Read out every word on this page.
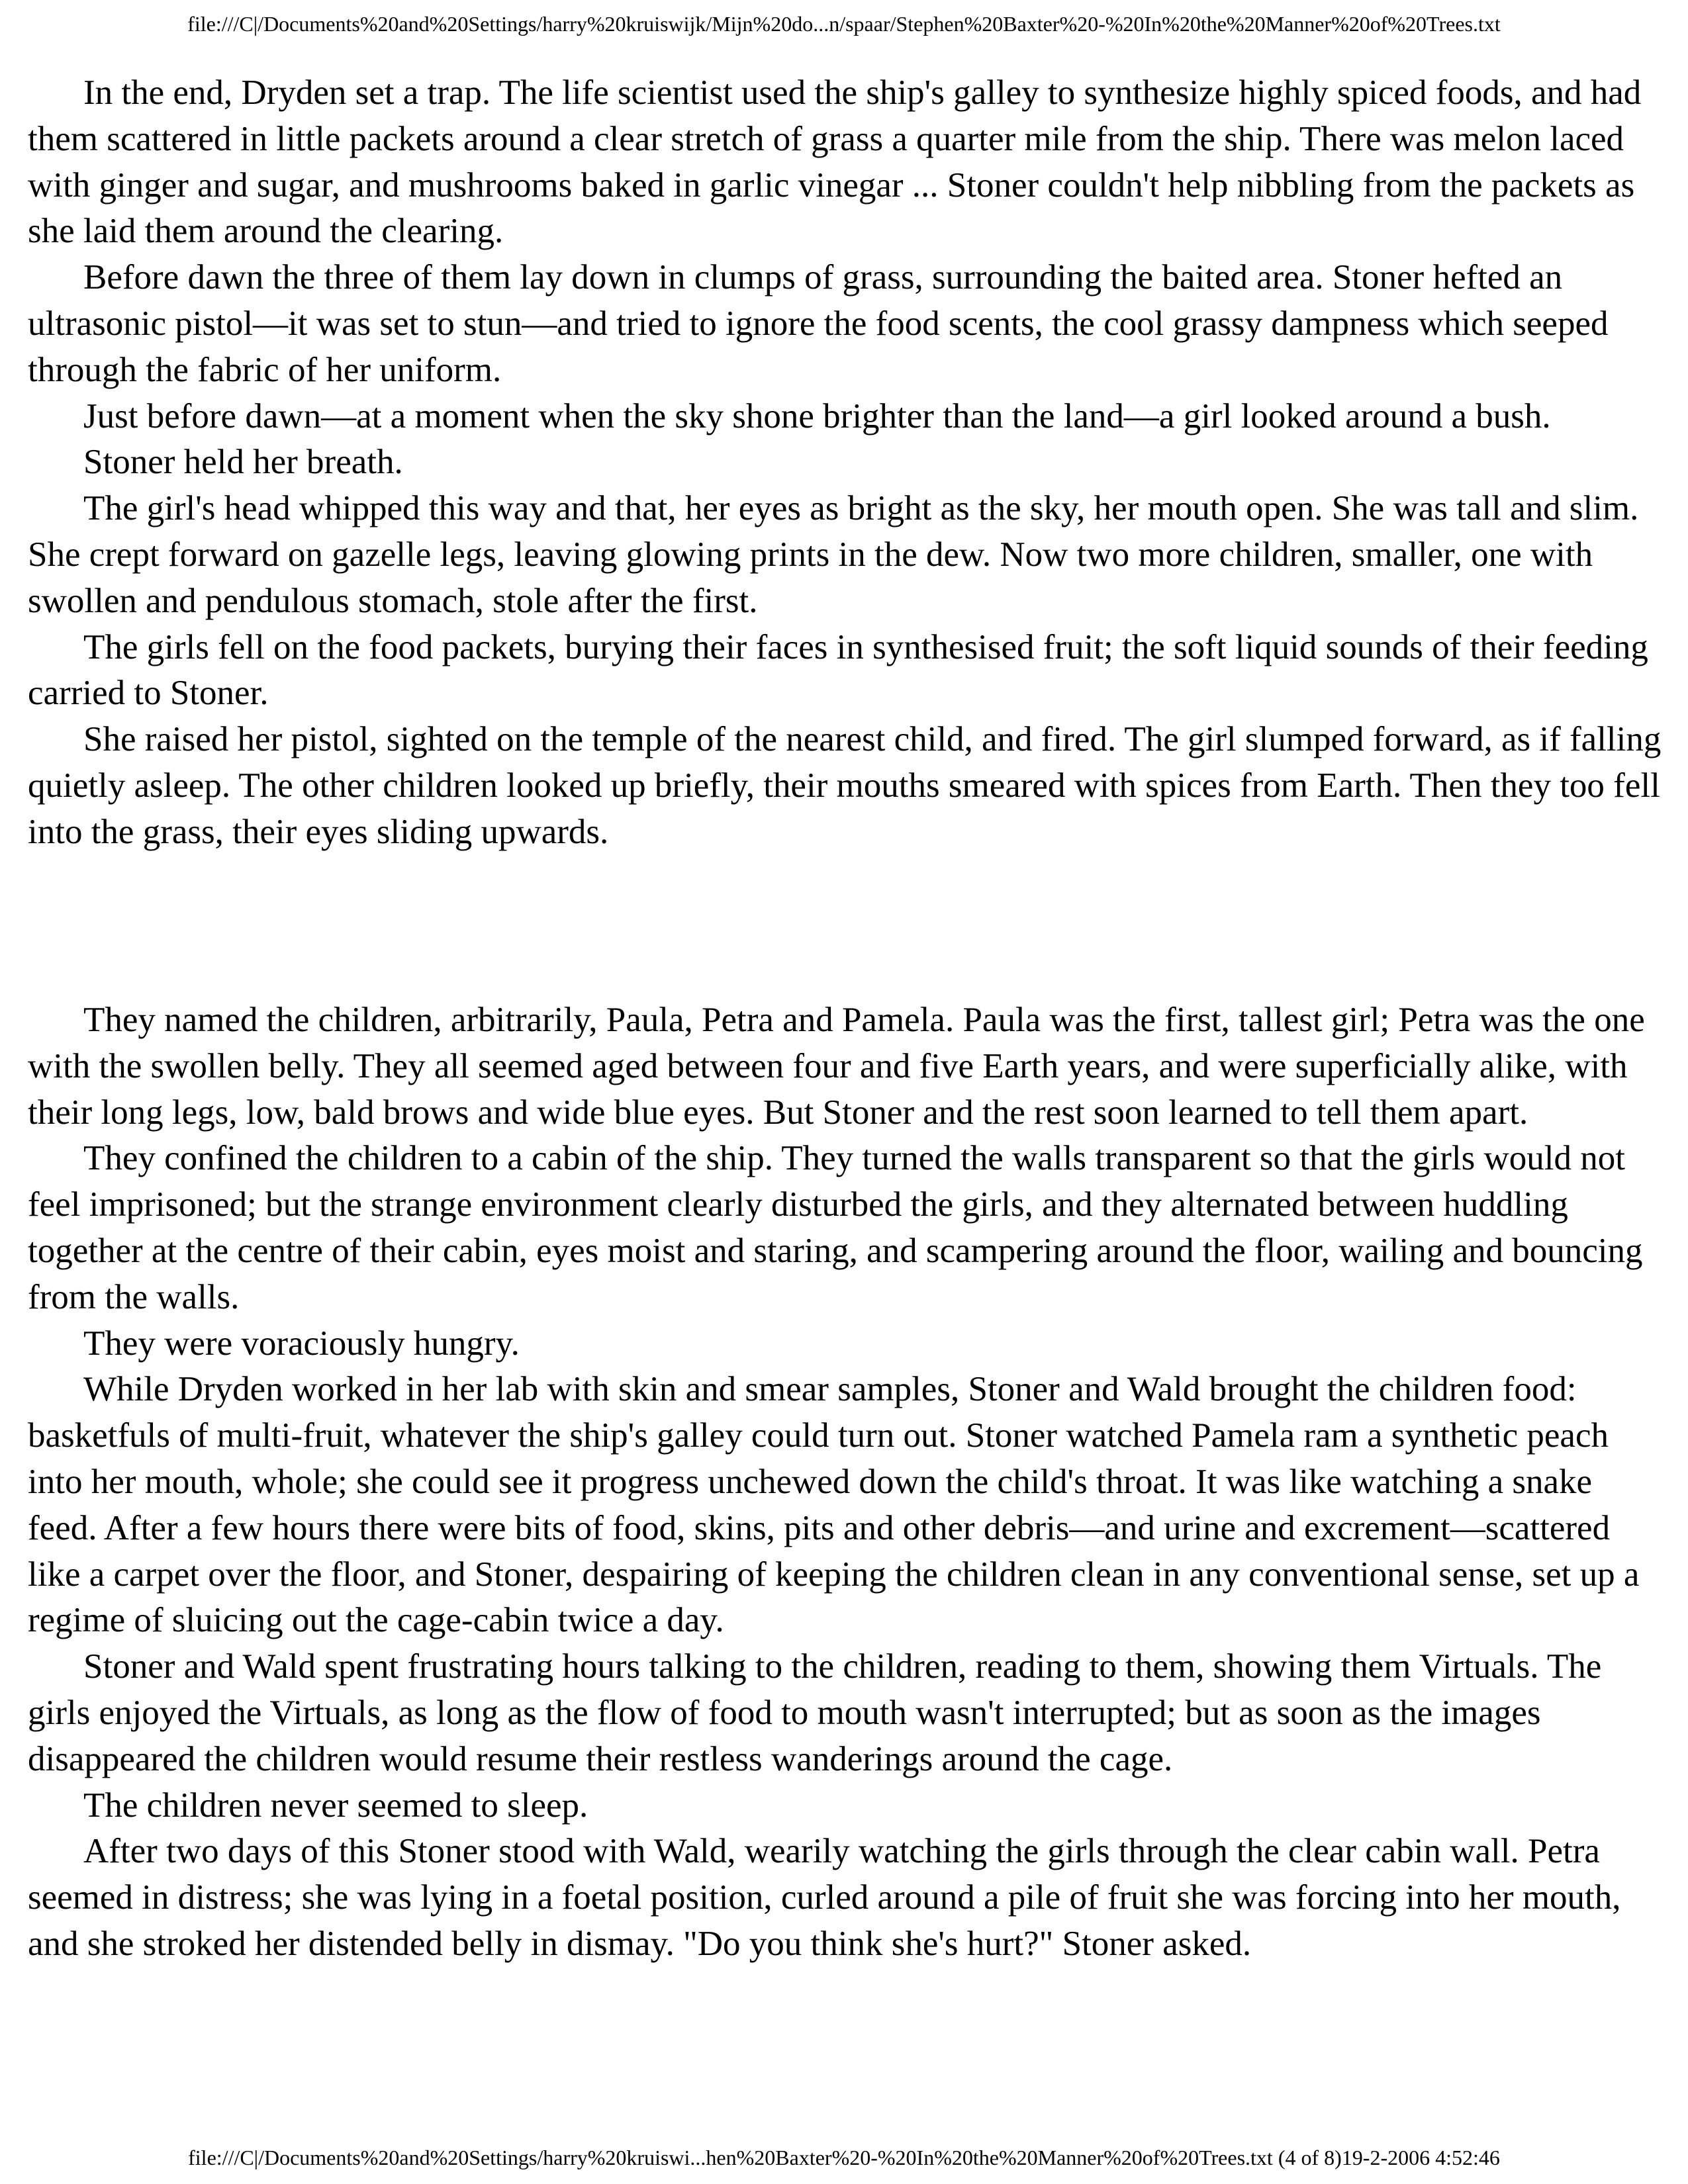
file:///C|/Documents%20and%20Settings/harry%20kruiswijk/Mijn%20do...n/spaar/Stephen%20Baxter%20-%20In%20the%20Manner%20of%20Trees.txt

In the end, Dryden set a trap. The life scientist used the ship's galley to synthesize highly spiced foods, and had them scattered in little packets around a clear stretch of grass a quarter mile from the ship. There was melon laced with ginger and sugar, and mushrooms baked in garlic vinegar ... Stoner couldn't help nibbling from the packets as she laid them around the clearing.

Before dawn the three of them lay down in clumps of grass, surrounding the baited area. Stoner hefted an ultrasonic pistol—it was set to stun—and tried to ignore the food scents, the cool grassy dampness which seeped through the fabric of her uniform.

Just before dawn—at a moment when the sky shone brighter than the land—a girl looked around a bush.

Stoner held her breath.

The girl's head whipped this way and that, her eyes as bright as the sky, her mouth open. She was tall and slim. She crept forward on gazelle legs, leaving glowing prints in the dew. Now two more children, smaller, one with swollen and pendulous stomach, stole after the first.

The girls fell on the food packets, burying their faces in synthesised fruit; the soft liquid sounds of their feeding carried to Stoner.

She raised her pistol, sighted on the temple of the nearest child, and fired. The girl slumped forward, as if falling quietly asleep. The other children looked up briefly, their mouths smeared with spices from Earth. Then they too fell into the grass, their eyes sliding upwards.

They named the children, arbitrarily, Paula, Petra and Pamela. Paula was the first, tallest girl; Petra was the one with the swollen belly. They all seemed aged between four and five Earth years, and were superficially alike, with their long legs, low, bald brows and wide blue eyes. But Stoner and the rest soon learned to tell them apart.

They confined the children to a cabin of the ship. They turned the walls transparent so that the girls would not feel imprisoned; but the strange environment clearly disturbed the girls, and they alternated between huddling together at the centre of their cabin, eyes moist and staring, and scampering around the floor, wailing and bouncing from the walls.

They were voraciously hungry.

While Dryden worked in her lab with skin and smear samples, Stoner and Wald brought the children food: basketfuls of multi-fruit, whatever the ship's galley could turn out. Stoner watched Pamela ram a synthetic peach into her mouth, whole; she could see it progress unchewed down the child's throat. It was like watching a snake feed. After a few hours there were bits of food, skins, pits and other debris—and urine and excrement—scattered like a carpet over the floor, and Stoner, despairing of keeping the children clean in any conventional sense, set up a regime of sluicing out the cage-cabin twice a day.

Stoner and Wald spent frustrating hours talking to the children, reading to them, showing them Virtuals. The girls enjoyed the Virtuals, as long as the flow of food to mouth wasn't interrupted; but as soon as the images disappeared the children would resume their restless wanderings around the cage.

The children never seemed to sleep.

After two days of this Stoner stood with Wald, wearily watching the girls through the clear cabin wall. Petra seemed in distress; she was lying in a foetal position, curled around a pile of fruit she was forcing into her mouth, and she stroked her distended belly in dismay. "Do you think she's hurt?" Stoner asked.

file:///C|/Documents%20and%20Settings/harry%20kruiswi...hen%20Baxter%20-%20In%20the%20Manner%20of%20Trees.txt (4 of 8)19-2-2006 4:52:46
